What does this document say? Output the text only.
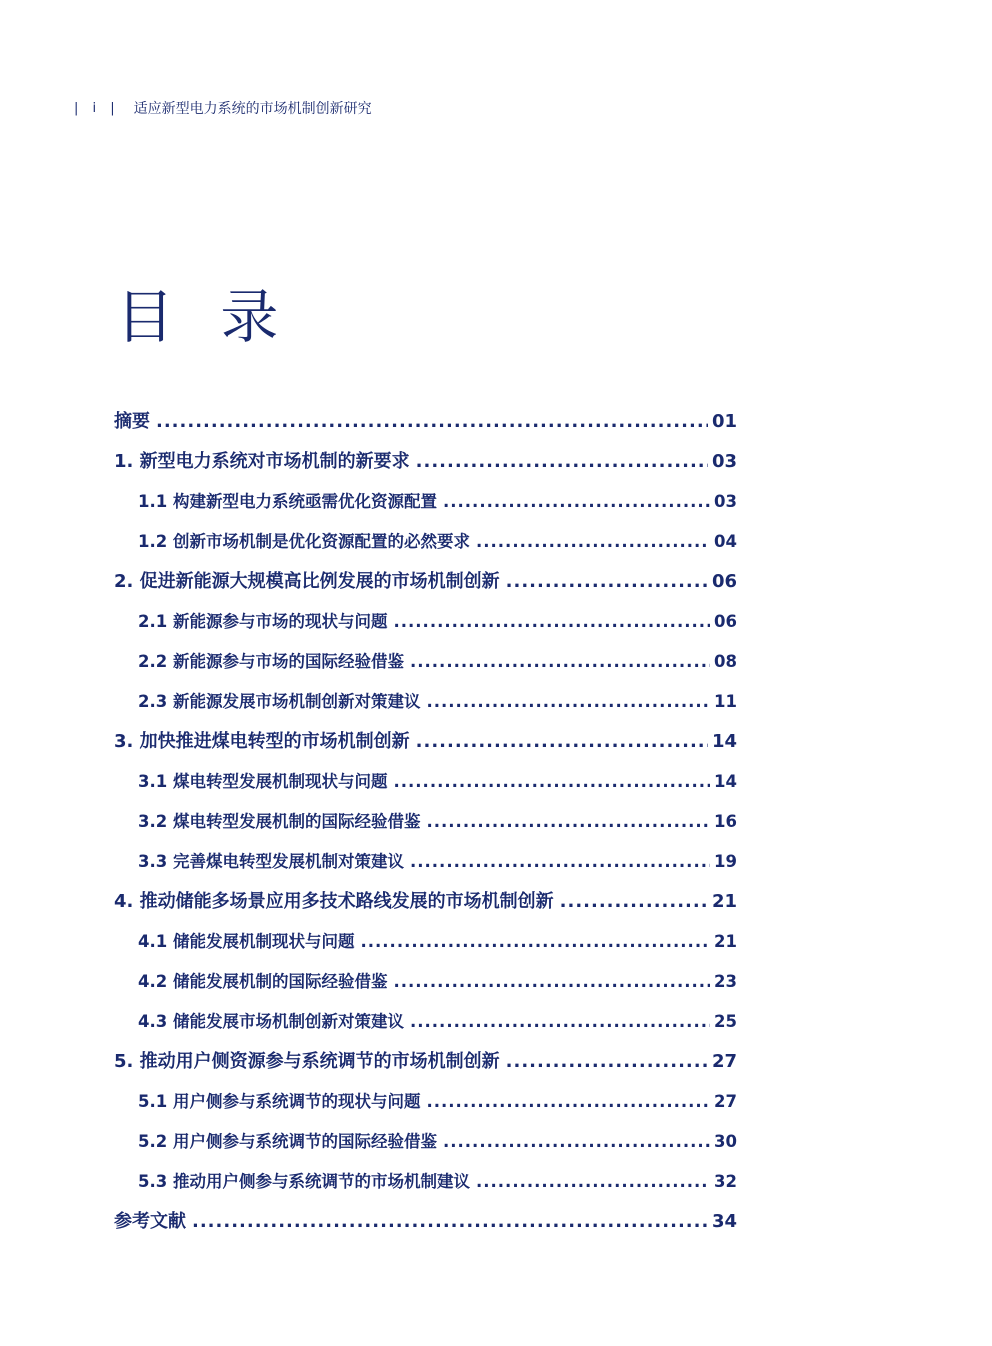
| i | 适应新型电力系统的市场机制创新研究
目 录
摘要 .....	01
1. 新型电力系统对市场机制的新要求 .....	03
1.1 构建新型电力系统亟需优化资源配置 .....	03
1.2 创新市场机制是优化资源配置的必然要求 .....	04
2. 促进新能源大规模高比例发展的市场机制创新 .....	06
2.1 新能源参与市场的现状与问题 .....	06
2.2 新能源参与市场的国际经验借鉴 .....	08
2.3 新能源发展市场机制创新对策建议 .....	11
3. 加快推进煤电转型的市场机制创新 .....	14
3.1 煤电转型发展机制现状与问题 .....	14
3.2 煤电转型发展机制的国际经验借鉴 .....	16
3.3 完善煤电转型发展机制对策建议 .....	19
4. 推动储能多场景应用多技术路线发展的市场机制创新 .....	21
4.1 储能发展机制现状与问题 .....	21
4.2 储能发展机制的国际经验借鉴 .....	23
4.3 储能发展市场机制创新对策建议 .....	25
5. 推动用户侧资源参与系统调节的市场机制创新 .....	27
5.1 用户侧参与系统调节的现状与问题 .....	27
5.2 用户侧参与系统调节的国际经验借鉴 .....	30
5.3 推动用户侧参与系统调节的市场机制建议 .....	32
参考文献 .....	34
